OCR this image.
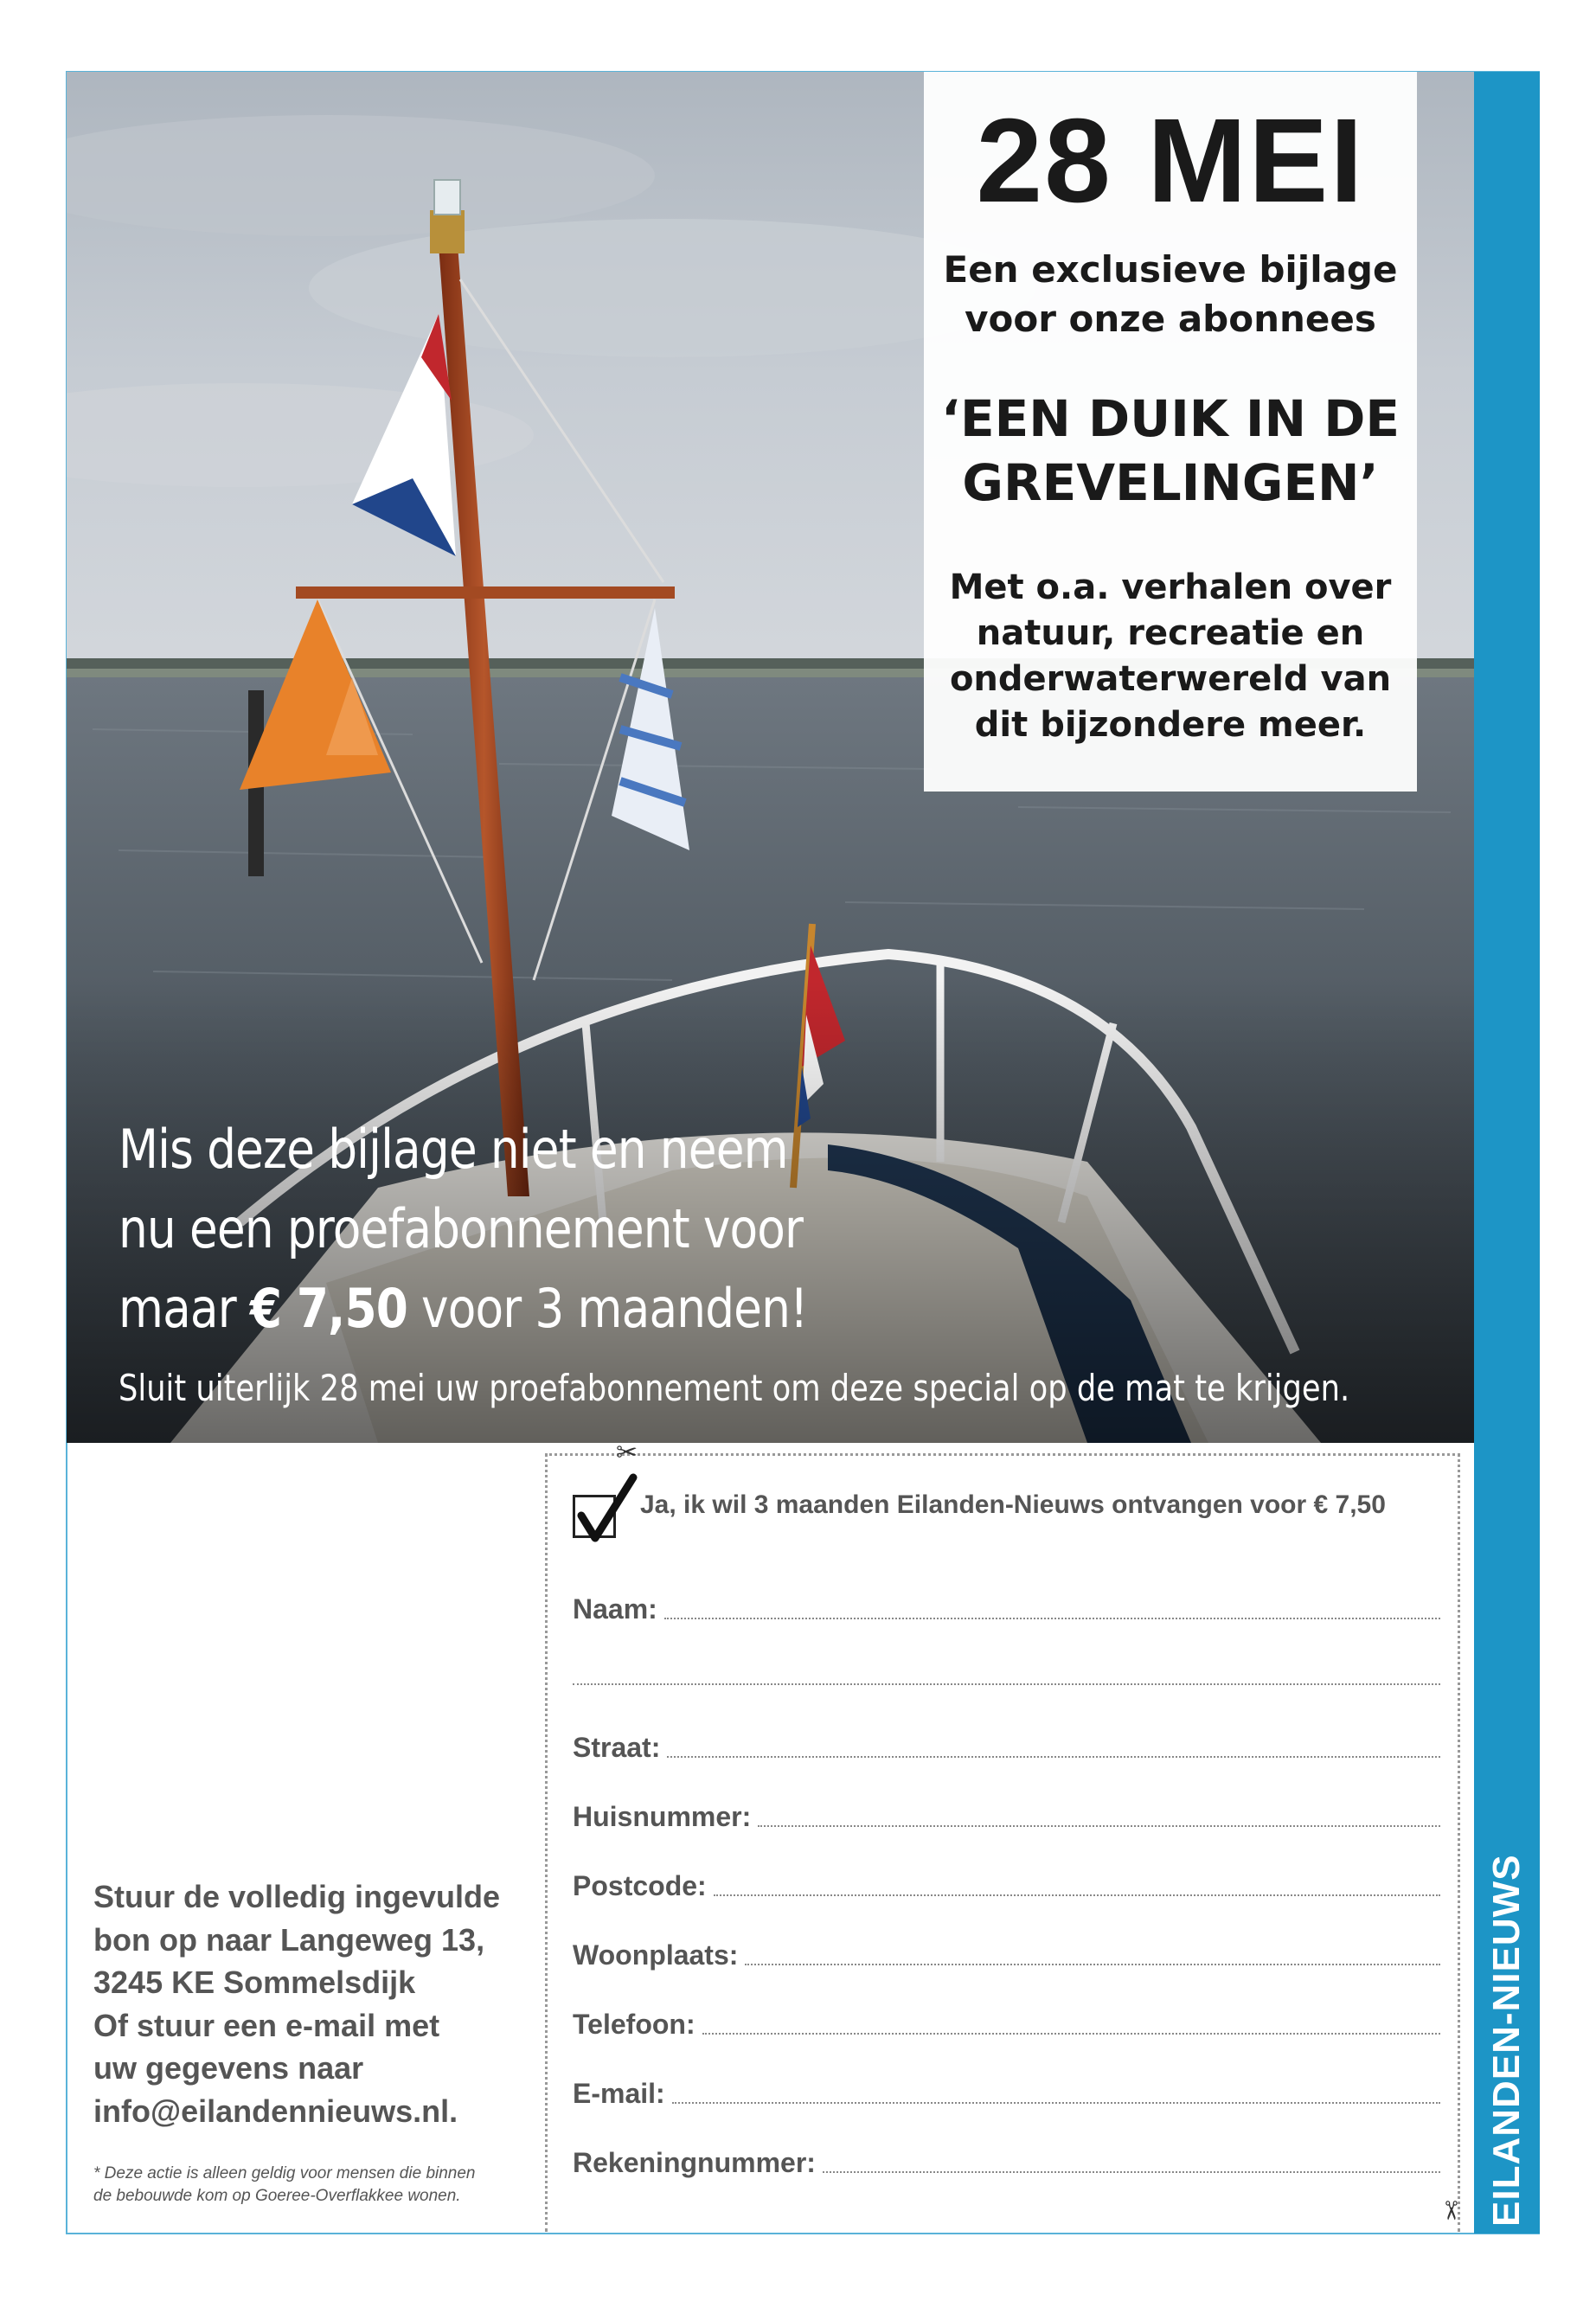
EILANDEN-NIEUWS
28 MEI
Een exclusieve bijlage
voor onze abonnees
‘EEN DUIK IN DE
GREVELINGEN’
Met o.a. verhalen over
natuur, recreatie en
onderwaterwereld van
dit bijzondere meer.
Mis deze bijlage niet en neem
nu een proefabonnement voor
maar € 7,50 voor 3 maanden!
Sluit uiterlijk 28 mei uw proefabonnement om deze special op de mat te krijgen.
✂
✂
Ja, ik wil 3 maanden Eilanden-Nieuws ontvangen voor € 7,50
Naam:
Straat:
Huisnummer:
Postcode:
Woonplaats:
Telefoon:
E-mail:
Rekeningnummer:
Stuur de volledig ingevulde
bon op naar Langeweg 13,
3245 KE Sommelsdijk
Of stuur een e-mail met
uw gegevens naar
info@eilandennieuws.nl.
* Deze actie is alleen geldig voor mensen die binnen
de bebouwde kom op Goeree-Overflakkee wonen.
